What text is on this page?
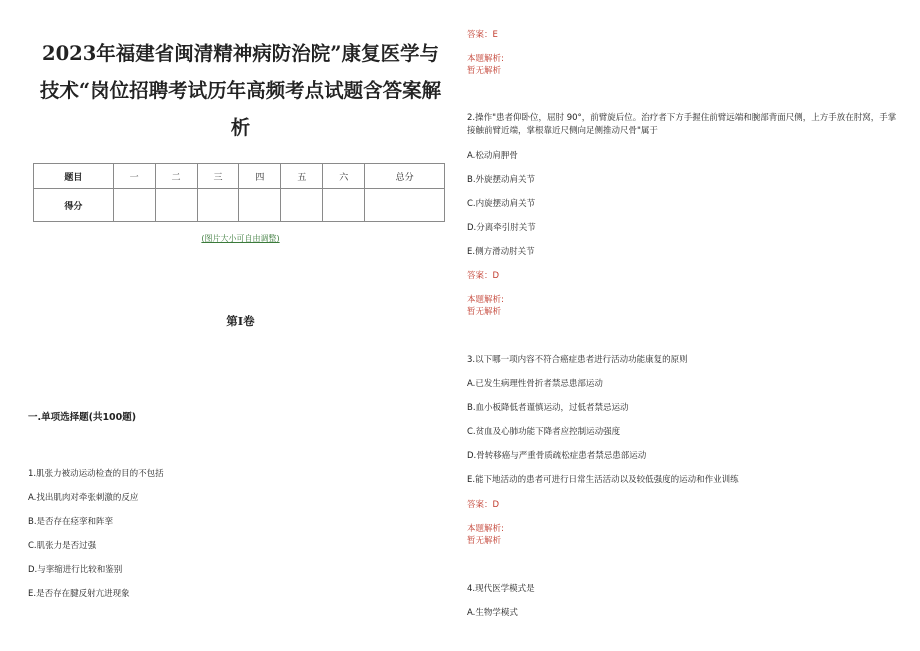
2023年福建省闽清精神病防治院”康复医学与
技术“岗位招聘考试历年高频考点试题含答案解
析
题目	一	二	三	四	五	六	总分
得分							
(图片大小可自由调整)
第Ⅰ卷
一.单项选择题(共100题)
1.肌张力被动运动检查的目的不包括
A.找出肌肉对牵张刺激的反应
B.是否存在痉挛和阵挛
C.肌张力是否过强
D.与挛缩进行比较和鉴别
E.是否存在腱反射亢进现象
答案：E
本题解析:
暂无解析
2.操作"患者仰卧位，屈肘 90°，前臂旋后位。治疗者下方手握住前臂远端和腕部背面尺侧，上方手放在肘窝，手掌接触前臂近端，掌根靠近尺侧向足侧推动尺骨"属于
A.松动肩胛骨
B.外旋摆动肩关节
C.内旋摆动肩关节
D.分离牵引肘关节
E.侧方滑动肘关节
答案：D
本题解析:
暂无解析
3.以下哪一项内容不符合癌症患者进行活动功能康复的原则
A.已发生病理性骨折者禁忌患部运动
B.血小板降低者谨慎运动，过低者禁忌运动
C.贫血及心肺功能下降者应控制运动强度
D.骨转移癌与严重骨质疏松症患者禁忌患部运动
E.能下地活动的患者可进行日常生活活动以及较低强度的运动和作业训练
答案：D
本题解析:
暂无解析
4.现代医学模式是
A.生物学模式
